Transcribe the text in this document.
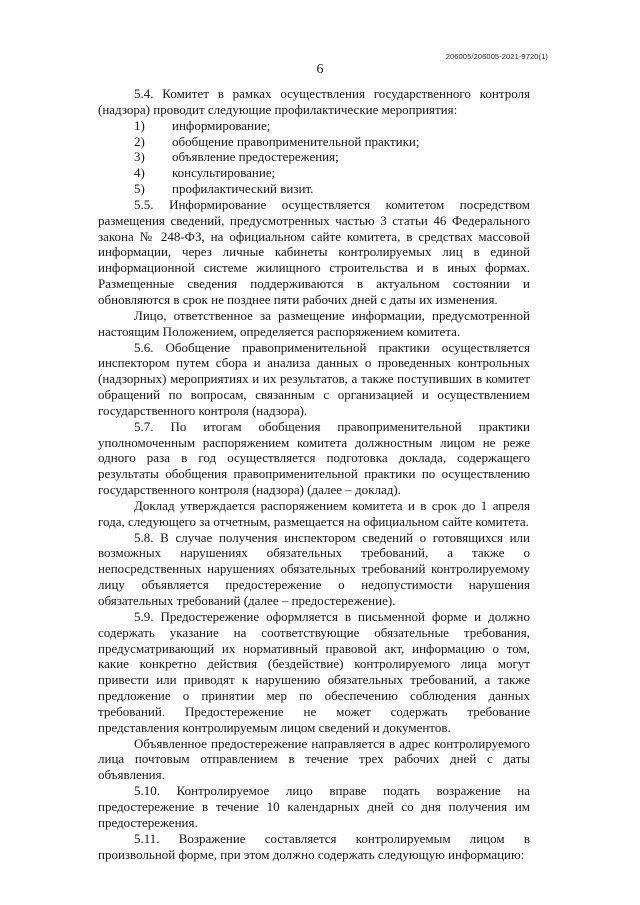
206005/206005-2021-9720(1)
6

5.4. Комитет в рамках осуществления государственного контроля (надзора) проводит следующие профилактические мероприятия:

1) информирование;
2) обобщение правоприменительной практики;
3) объявление предостережения;
4) консультирование;
5) профилактический визит.

5.5. Информирование осуществляется комитетом посредством размещения сведений, предусмотренных частью 3 статьи 46 Федерального закона № 248-ФЗ, на официальном сайте комитета, в средствах массовой информации, через личные кабинеты контролируемых лиц в единой информационной системе жилищного строительства и в иных формах. Размещенные сведения поддерживаются в актуальном состоянии и обновляются в срок не позднее пяти рабочих дней с даты их изменения.

Лицо, ответственное за размещение информации, предусмотренной настоящим Положением, определяется распоряжением комитета.

5.6. Обобщение правоприменительной практики осуществляется инспектором путем сбора и анализа данных о проведенных контрольных (надзорных) мероприятиях и их результатов, а также поступивших в комитет обращений по вопросам, связанным с организацией и осуществлением государственного контроля (надзора).

5.7. По итогам обобщения правоприменительной практики уполномоченным распоряжением комитета должностным лицом не реже одного раза в год осуществляется подготовка доклада, содержащего результаты обобщения правоприменительной практики по осуществлению государственного контроля (надзора) (далее – доклад).

Доклад утверждается распоряжением комитета и в срок до 1 апреля года, следующего за отчетным, размещается на официальном сайте комитета.

5.8. В случае получения инспектором сведений о готовящихся или возможных нарушениях обязательных требований, а также о непосредственных нарушениях обязательных требований контролируемому лицу объявляется предостережение о недопустимости нарушения обязательных требований (далее – предостережение).

5.9. Предостережение оформляется в письменной форме и должно содержать указание на соответствующие обязательные требования, предусматривающий их нормативный правовой акт, информацию о том, какие конкретно действия (бездействие) контролируемого лица могут привести или приводят к нарушению обязательных требований, а также предложение о принятии мер по обеспечению соблюдения данных требований. Предостережение не может содержать требование представления контролируемым лицом сведений и документов.

Объявленное предостережение направляется в адрес контролируемого лица почтовым отправлением в течение трех рабочих дней с даты объявления.

5.10. Контролируемое лицо вправе подать возражение на предостережение в течение 10 календарных дней со дня получения им предостережения.

5.11. Возражение составляется контролируемым лицом в произвольной форме, при этом должно содержать следующую информацию:
